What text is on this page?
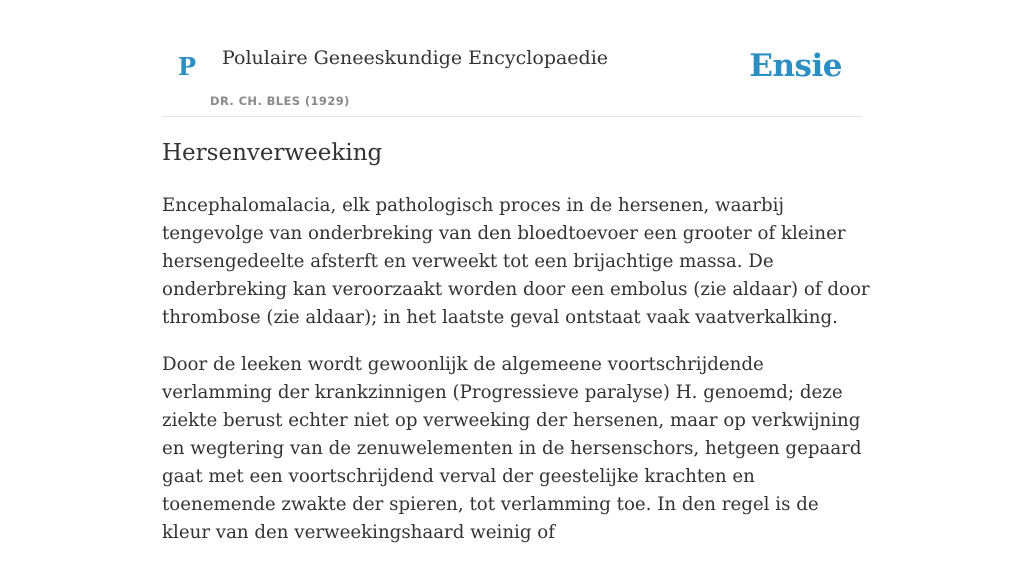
P Polulaire Geneeskundige Encyclopaedie
DR. CH. BLES (1929)
Ensie
Hersenverweeking

Encephalomalacia, elk pathologisch proces in de hersenen, waarbij tengevolge van onderbreking van den bloedtoevoer een grooter of kleiner hersengedeelte afsterft en verweekt tot een brijachtige massa. De onderbreking kan veroorzaakt worden door een embolus (zie aldaar) of door thrombose (zie aldaar); in het laatste geval ontstaat vaak vaatverkalking.

Door de leeken wordt gewoonlijk de algemeene voortschrijdende verlamming der krankzinnigen (Progressieve paralyse) H. genoemd; deze ziekte berust echter niet op verweeking der hersenen, maar op verkwijning en wegtering van de zenuwelementen in de hersenschors, hetgeen gepaard gaat met een voortschrijdend verval der geestelijke krachten en toenemende zwakte der spieren, tot verlamming toe. In den regel is de kleur van den verweekingshaard weinig of
